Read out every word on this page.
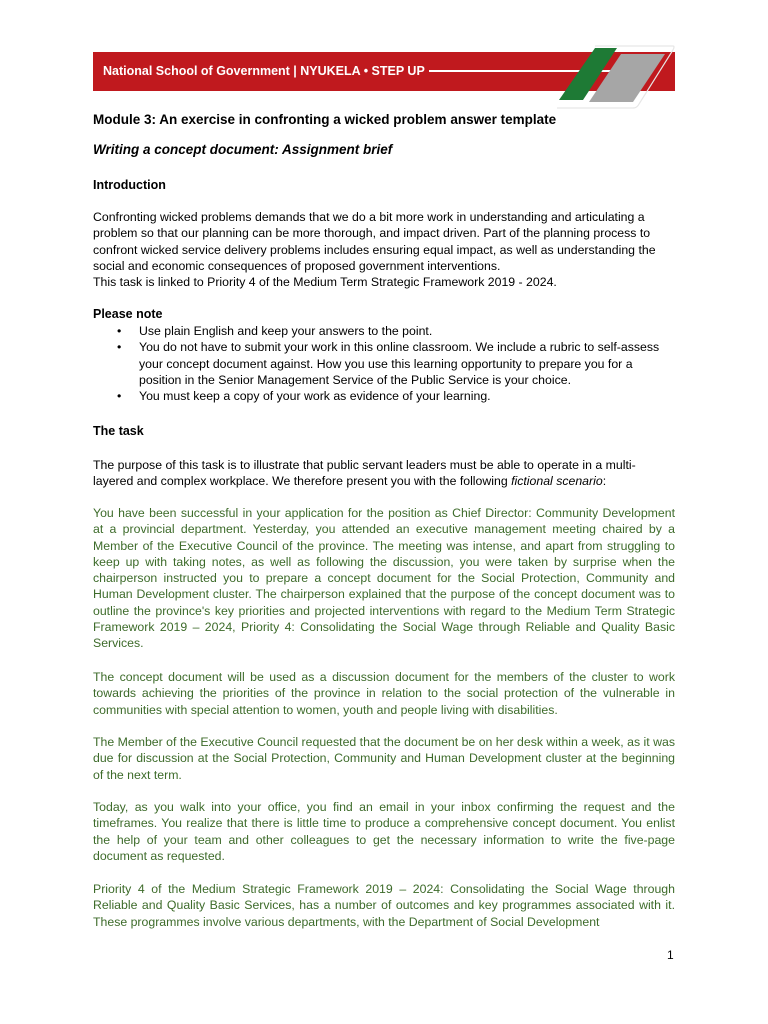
National School of Government | NYUKELA • STEP UP
Module 3: An exercise in confronting a wicked problem answer template
Writing a concept document: Assignment brief
Introduction
Confronting wicked problems demands that we do a bit more work in understanding and articulating a problem so that our planning can be more thorough, and impact driven. Part of the planning process to confront wicked service delivery problems includes ensuring equal impact, as well as understanding the social and economic consequences of proposed government interventions.
This task is linked to Priority 4 of the Medium Term Strategic Framework 2019 - 2024.
Please note
• Use plain English and keep your answers to the point.
• You do not have to submit your work in this online classroom. We include a rubric to self-assess your concept document against. How you use this learning opportunity to prepare you for a position in the Senior Management Service of the Public Service is your choice.
• You must keep a copy of your work as evidence of your learning.
The task
The purpose of this task is to illustrate that public servant leaders must be able to operate in a multi-layered and complex workplace. We therefore present you with the following fictional scenario:
You have been successful in your application for the position as Chief Director: Community Development at a provincial department. Yesterday, you attended an executive management meeting chaired by a Member of the Executive Council of the province. The meeting was intense, and apart from struggling to keep up with taking notes, as well as following the discussion, you were taken by surprise when the chairperson instructed you to prepare a concept document for the Social Protection, Community and Human Development cluster. The chairperson explained that the purpose of the concept document was to outline the province's key priorities and projected interventions with regard to the Medium Term Strategic Framework 2019 – 2024, Priority 4: Consolidating the Social Wage through Reliable and Quality Basic Services.
The concept document will be used as a discussion document for the members of the cluster to work towards achieving the priorities of the province in relation to the social protection of the vulnerable in communities with special attention to women, youth and people living with disabilities.
The Member of the Executive Council requested that the document be on her desk within a week, as it was due for discussion at the Social Protection, Community and Human Development cluster at the beginning of the next term.
Today, as you walk into your office, you find an email in your inbox confirming the request and the timeframes. You realize that there is little time to produce a comprehensive concept document. You enlist the help of your team and other colleagues to get the necessary information to write the five-page document as requested.
Priority 4 of the Medium Strategic Framework 2019 – 2024: Consolidating the Social Wage through Reliable and Quality Basic Services, has a number of outcomes and key programmes associated with it. These programmes involve various departments, with the Department of Social Development
1
